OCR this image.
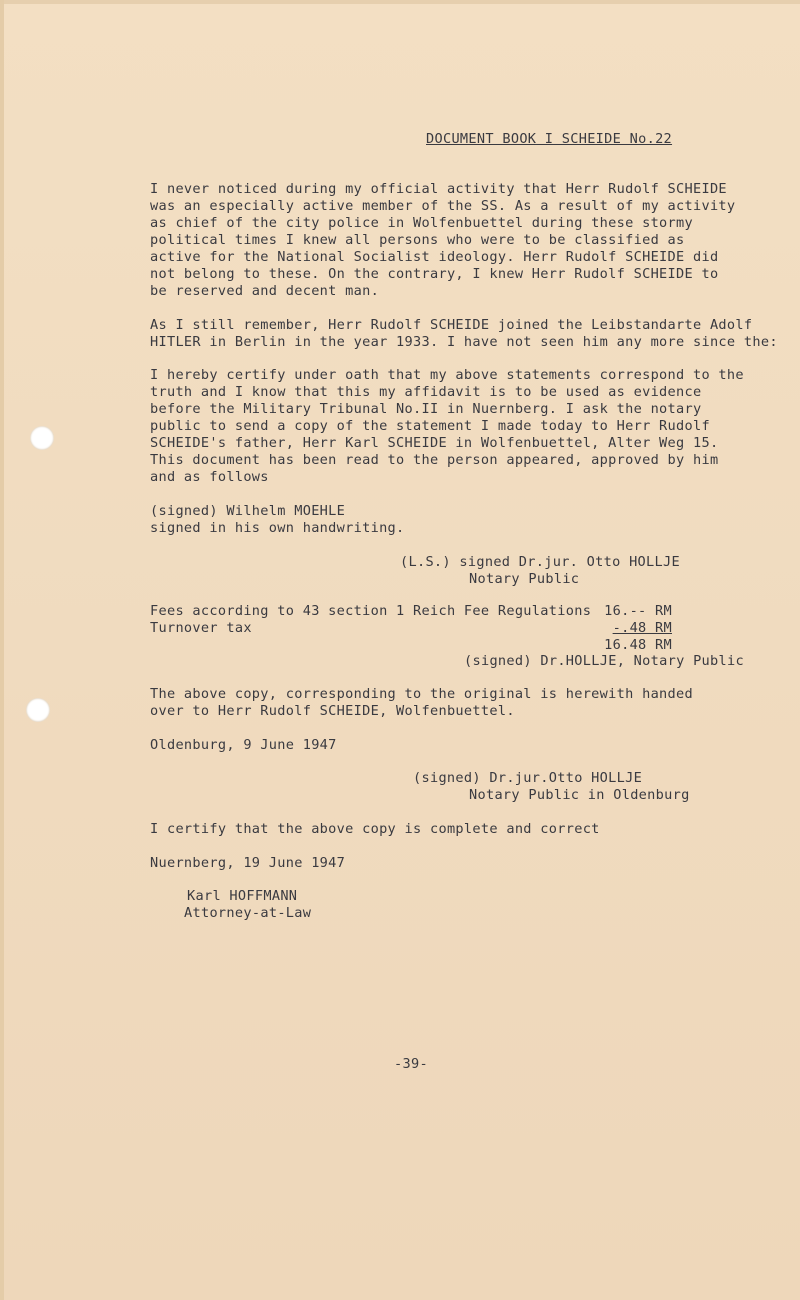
DOCUMENT BOOK I SCHEIDE No.22
I never noticed during my official activity that Herr Rudolf SCHEIDE
was an especially active member of the SS. As a result of my activity
as chief of the city police in Wolfenbuettel during these stormy
political times I knew all persons who were to be classified as
active for the National Socialist ideology. Herr Rudolf SCHEIDE did
not belong to these. On the contrary, I knew Herr Rudolf SCHEIDE to
be reserved and decent man.
As I still remember, Herr Rudolf SCHEIDE joined the Leibstandarte Adolf
HITLER in Berlin in the year 1933. I have not seen him any more since the:
I hereby certify under oath that my above statements correspond to the
truth and I know that this my affidavit is to be used as evidence
before the Military Tribunal No.II in Nuernberg. I ask the notary
public to send a copy of the statement I made today to Herr Rudolf
SCHEIDE's father, Herr Karl SCHEIDE in Wolfenbuettel, Alter Weg 15.
This document has been read to the person appeared, approved by him
and as follows
(signed) Wilhelm MOEHLE
signed in his own handwriting.
(L.S.) signed Dr.jur. Otto HOLLJE
Notary Public
Fees according to 43 section 1 Reich Fee Regulations 16.-- RM
Turnover tax	-.48 RM
16.48 RM
(signed) Dr.HOLLJE, Notary Public
The above copy, corresponding to the original is herewith handed
over to Herr Rudolf SCHEIDE, Wolfenbuettel.
Oldenburg, 9 June 1947
(signed) Dr.jur.Otto HOLLJE
Notary Public in Oldenburg
I certify that the above copy is complete and correct
Nuernberg, 19 June 1947
Karl HOFFMANN
Attorney-at-Law
-39-
